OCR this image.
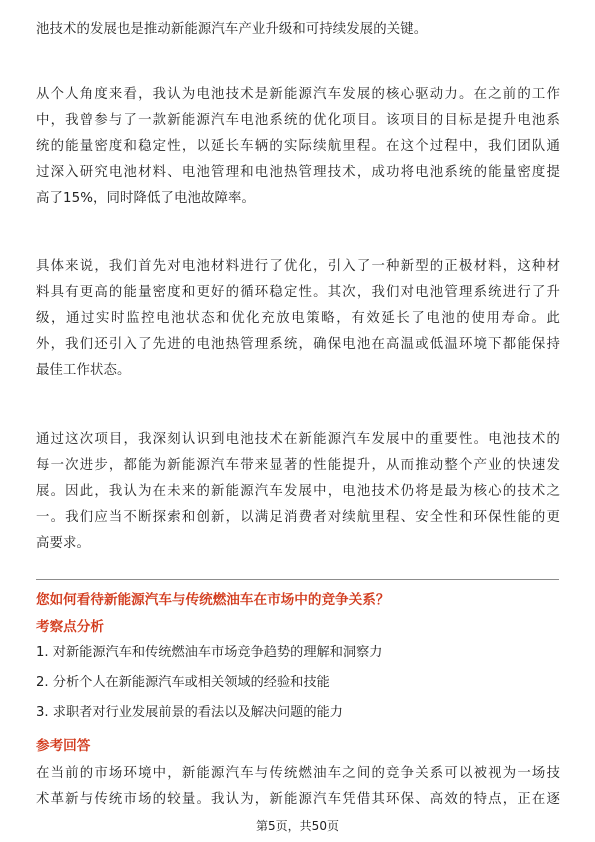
池技术的发展也是推动新能源汽车产业升级和可持续发展的关键。

从个人角度来看，我认为电池技术是新能源汽车发展的核心驱动力。在之前的工作
中，我曾参与了一款新能源汽车电池系统的优化项目。该项目的目标是提升电池系
统的能量密度和稳定性，以延长车辆的实际续航里程。在这个过程中，我们团队通
过深入研究电池材料、电池管理和电池热管理技术，成功将电池系统的能量密度提
高了15%，同时降低了电池故障率。

具体来说，我们首先对电池材料进行了优化，引入了一种新型的正极材料，这种材
料具有更高的能量密度和更好的循环稳定性。其次，我们对电池管理系统进行了升
级，通过实时监控电池状态和优化充放电策略，有效延长了电池的使用寿命。此
外，我们还引入了先进的电池热管理系统，确保电池在高温或低温环境下都能保持
最佳工作状态。

通过这次项目，我深刻认识到电池技术在新能源汽车发展中的重要性。电池技术的
每一次进步，都能为新能源汽车带来显著的性能提升，从而推动整个产业的快速发
展。因此，我认为在未来的新能源汽车发展中，电池技术仍将是最为核心的技术之
一。我们应当不断探索和创新，以满足消费者对续航里程、安全性和环保性能的更
高要求。

您如何看待新能源汽车与传统燃油车在市场中的竞争关系？
考察点分析
1. 对新能源汽车和传统燃油车市场竞争趋势的理解和洞察力
2. 分析个人在新能源汽车或相关领域的经验和技能
3. 求职者对行业发展前景的看法以及解决问题的能力
参考回答

在当前的市场环境中，新能源汽车与传统燃油车之间的竞争关系可以被视为一场技
术革新与传统市场的较量。我认为，新能源汽车凭借其环保、高效的特点，正在逐

第5页，共50页
